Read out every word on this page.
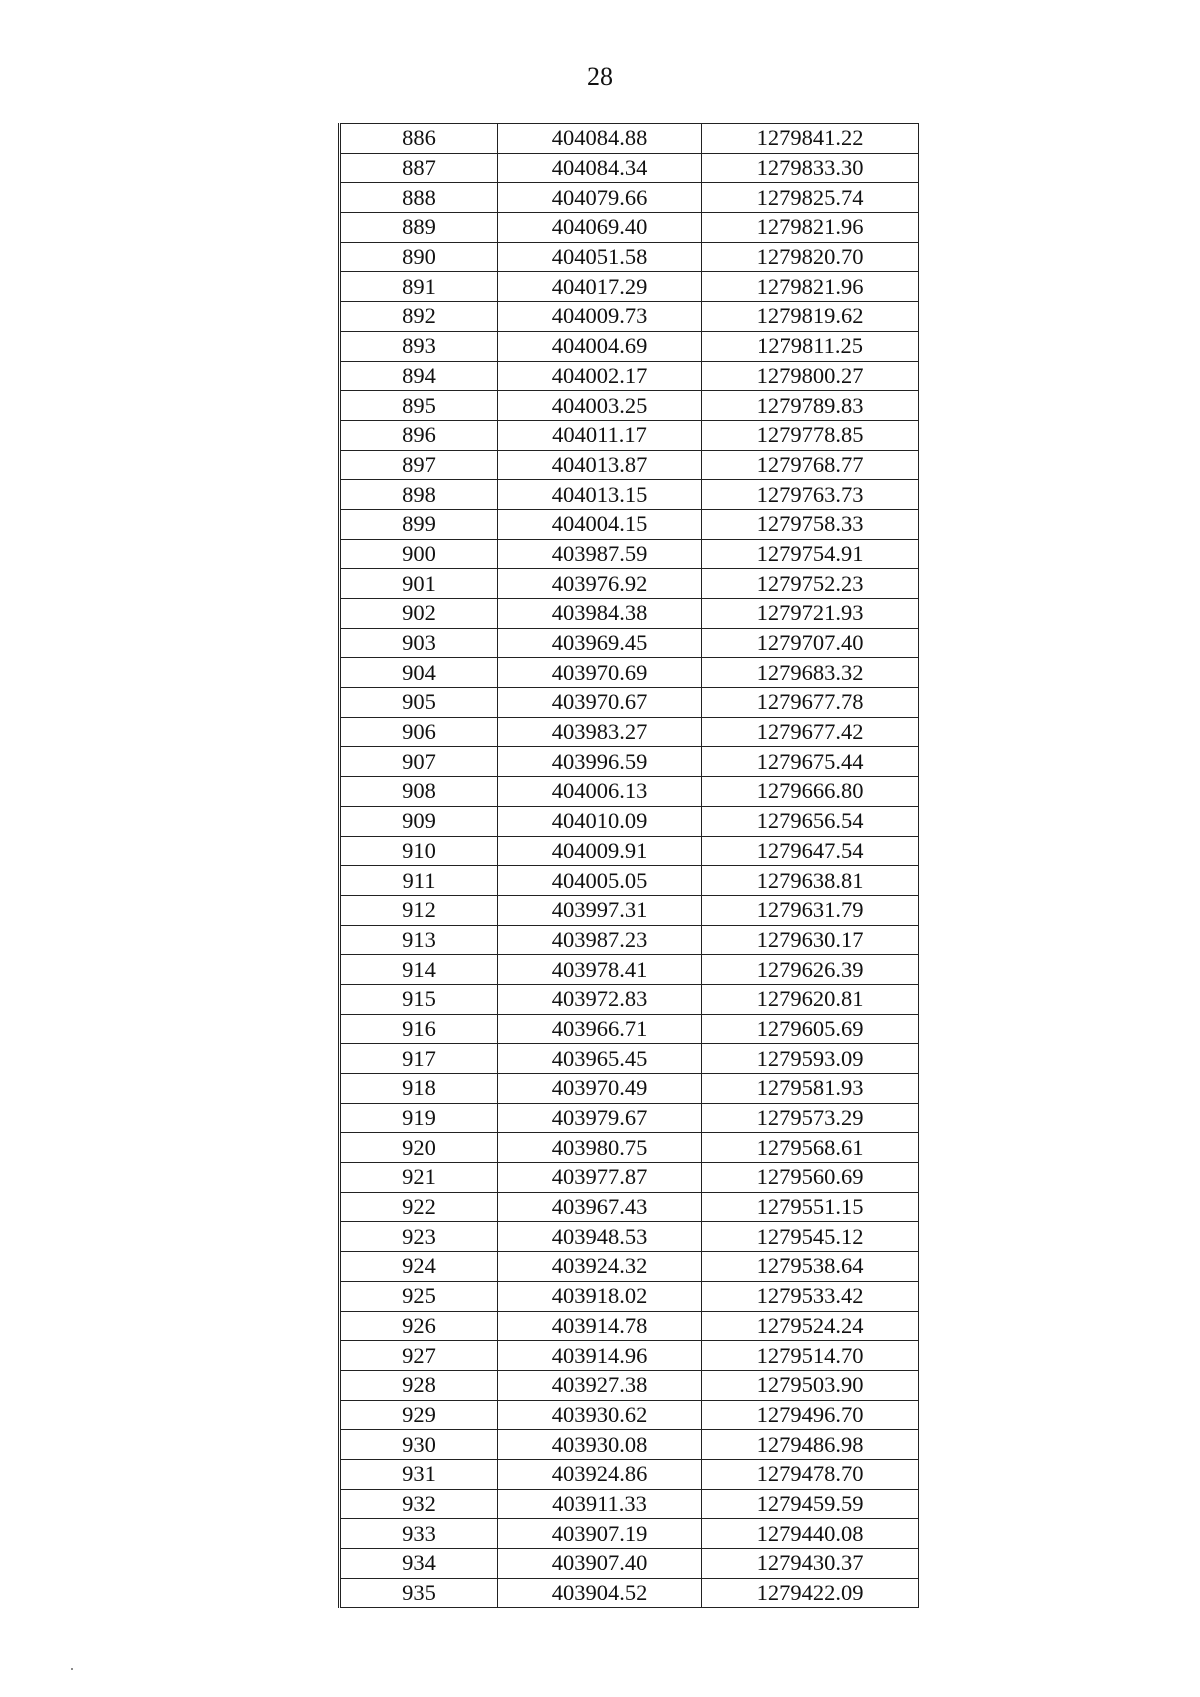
28
886	404084.88	1279841.22
887	404084.34	1279833.30
888	404079.66	1279825.74
889	404069.40	1279821.96
890	404051.58	1279820.70
891	404017.29	1279821.96
892	404009.73	1279819.62
893	404004.69	1279811.25
894	404002.17	1279800.27
895	404003.25	1279789.83
896	404011.17	1279778.85
897	404013.87	1279768.77
898	404013.15	1279763.73
899	404004.15	1279758.33
900	403987.59	1279754.91
901	403976.92	1279752.23
902	403984.38	1279721.93
903	403969.45	1279707.40
904	403970.69	1279683.32
905	403970.67	1279677.78
906	403983.27	1279677.42
907	403996.59	1279675.44
908	404006.13	1279666.80
909	404010.09	1279656.54
910	404009.91	1279647.54
911	404005.05	1279638.81
912	403997.31	1279631.79
913	403987.23	1279630.17
914	403978.41	1279626.39
915	403972.83	1279620.81
916	403966.71	1279605.69
917	403965.45	1279593.09
918	403970.49	1279581.93
919	403979.67	1279573.29
920	403980.75	1279568.61
921	403977.87	1279560.69
922	403967.43	1279551.15
923	403948.53	1279545.12
924	403924.32	1279538.64
925	403918.02	1279533.42
926	403914.78	1279524.24
927	403914.96	1279514.70
928	403927.38	1279503.90
929	403930.62	1279496.70
930	403930.08	1279486.98
931	403924.86	1279478.70
932	403911.33	1279459.59
933	403907.19	1279440.08
934	403907.40	1279430.37
935	403904.52	1279422.09
